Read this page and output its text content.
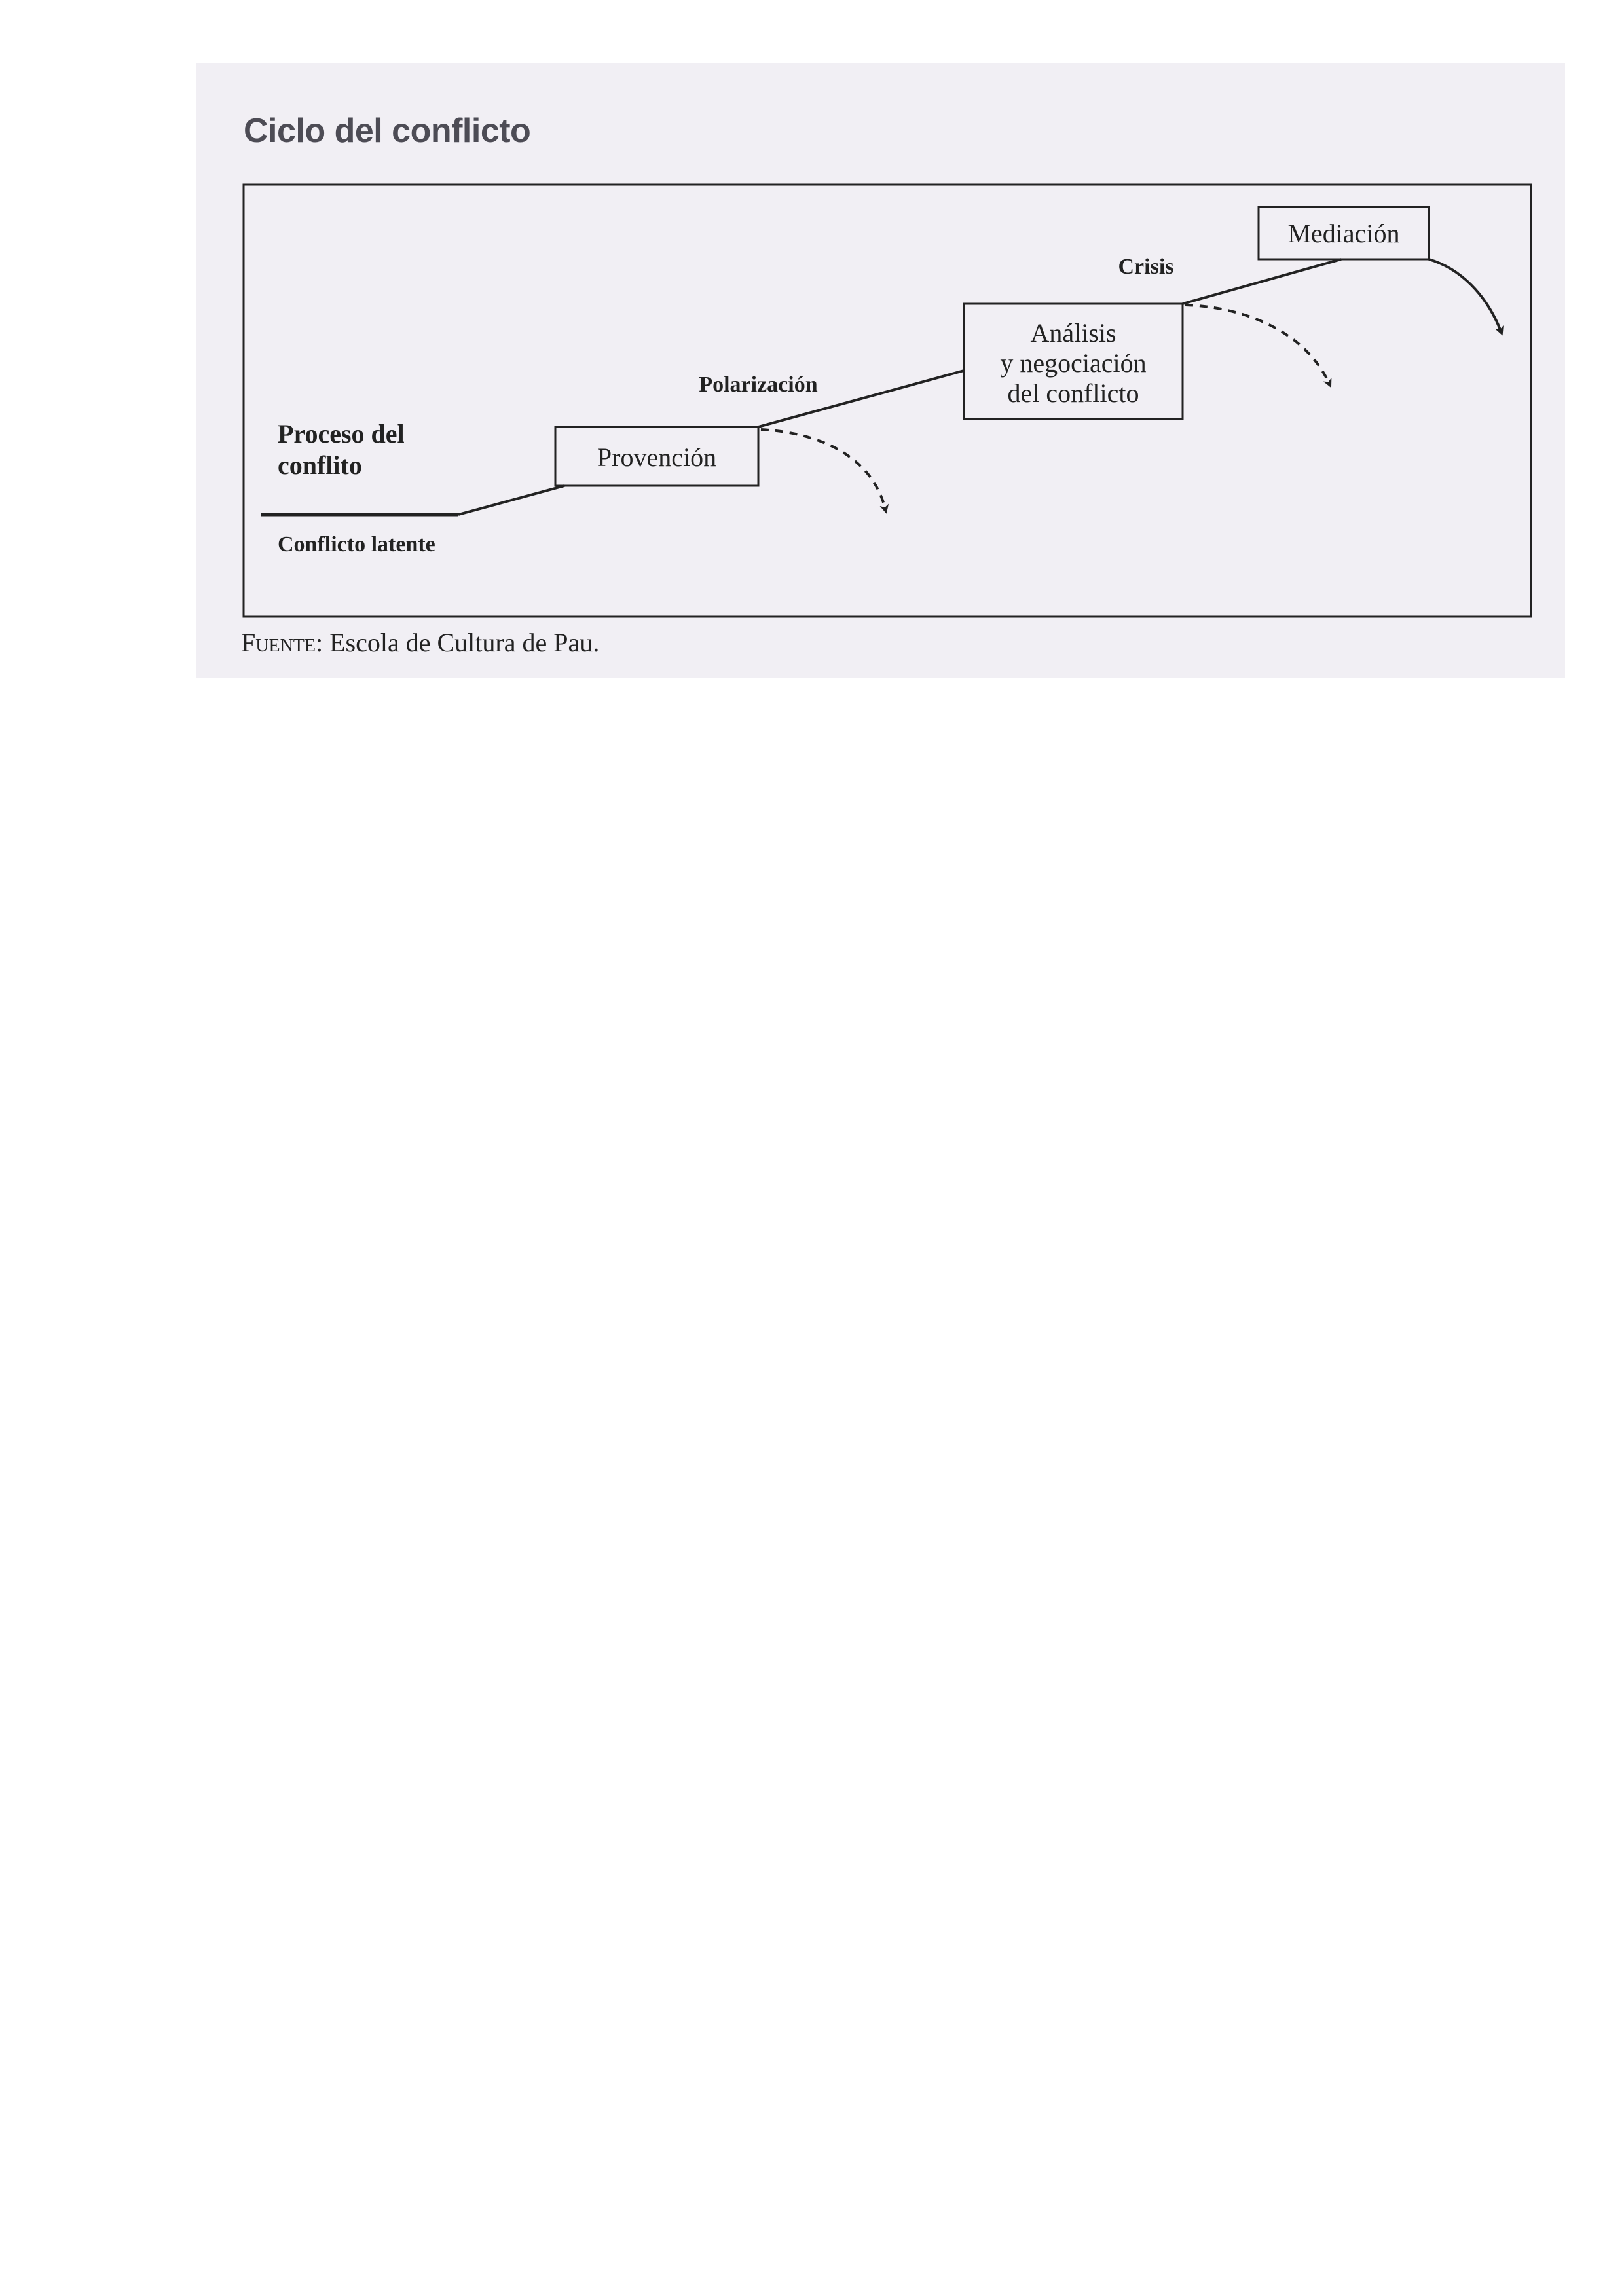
Ciclo del conflicto
Proceso del
conflito
Conflicto latente
Provención
Polarización
Análisis
y negociación
del conflicto
Crisis
Mediación
Fuente: Escola de Cultura de Pau.
